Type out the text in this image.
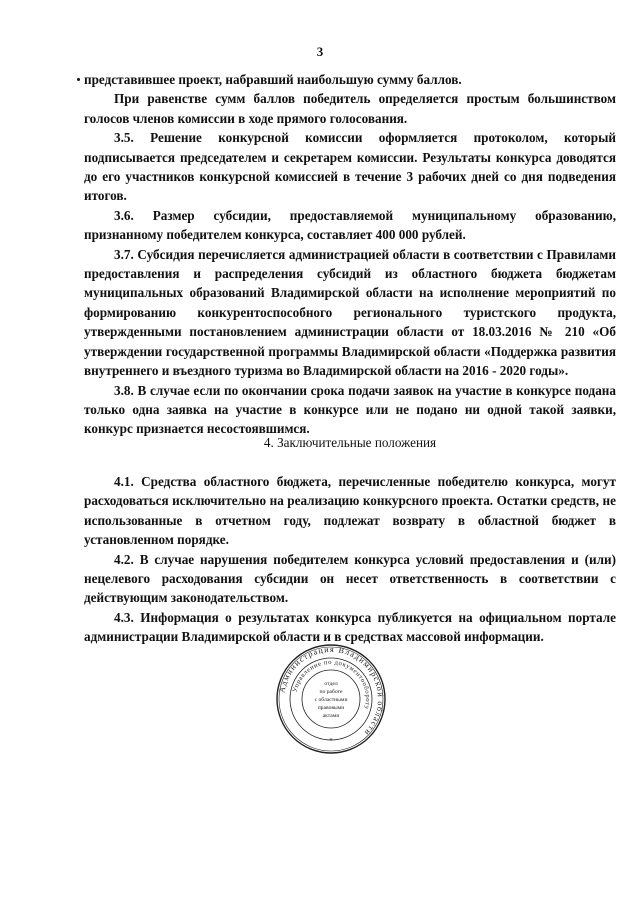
3

представившее проект, набравший наибольшую сумму баллов.

При равенстве сумм баллов победитель определяется простым большинством голосов членов комиссии в ходе прямого голосования.

3.5. Решение конкурсной комиссии оформляется протоколом, который подписывается председателем и секретарем комиссии. Результаты конкурса доводятся до его участников конкурсной комиссией в течение 3 рабочих дней со дня подведения итогов.

3.6. Размер субсидии, предоставляемой муниципальному образованию, признанному победителем конкурса, составляет 400 000 рублей.

3.7. Субсидия перечисляется администрацией области в соответствии с Правилами предоставления и распределения субсидий из областного бюджета бюджетам муниципальных образований Владимирской области на исполнение мероприятий по формированию конкурентоспособного регионального туристского продукта, утвержденными постановлением администрации области от 18.03.2016 № 210 «Об утверждении государственной программы Владимирской области «Поддержка развития внутреннего и въездного туризма во Владимирской области на 2016 - 2020 годы».

3.8. В случае если по окончании срока подачи заявок на участие в конкурсе подана только одна заявка на участие в конкурсе или не подано ни одной такой заявки, конкурс признается несостоявшимся.

4. Заключительные положения

4.1. Средства областного бюджета, перечисленные победителю конкурса, могут расходоваться исключительно на реализацию конкурсного проекта. Остатки средств, не использованные в отчетном году, подлежат возврату в областной бюджет в установленном порядке.

4.2. В случае нарушения победителем конкурса условий предоставления и (или) нецелевого расходования субсидии он несет ответственность в соответствии с действующим законодательством.

4.3. Информация о результатах конкурса публикуется на официальном портале администрации Владимирской области и в средствах массовой информации.

Администрация Владимирской области
Управление по документообороту
отдел
по работе
с областными
правовыми
актами
*
